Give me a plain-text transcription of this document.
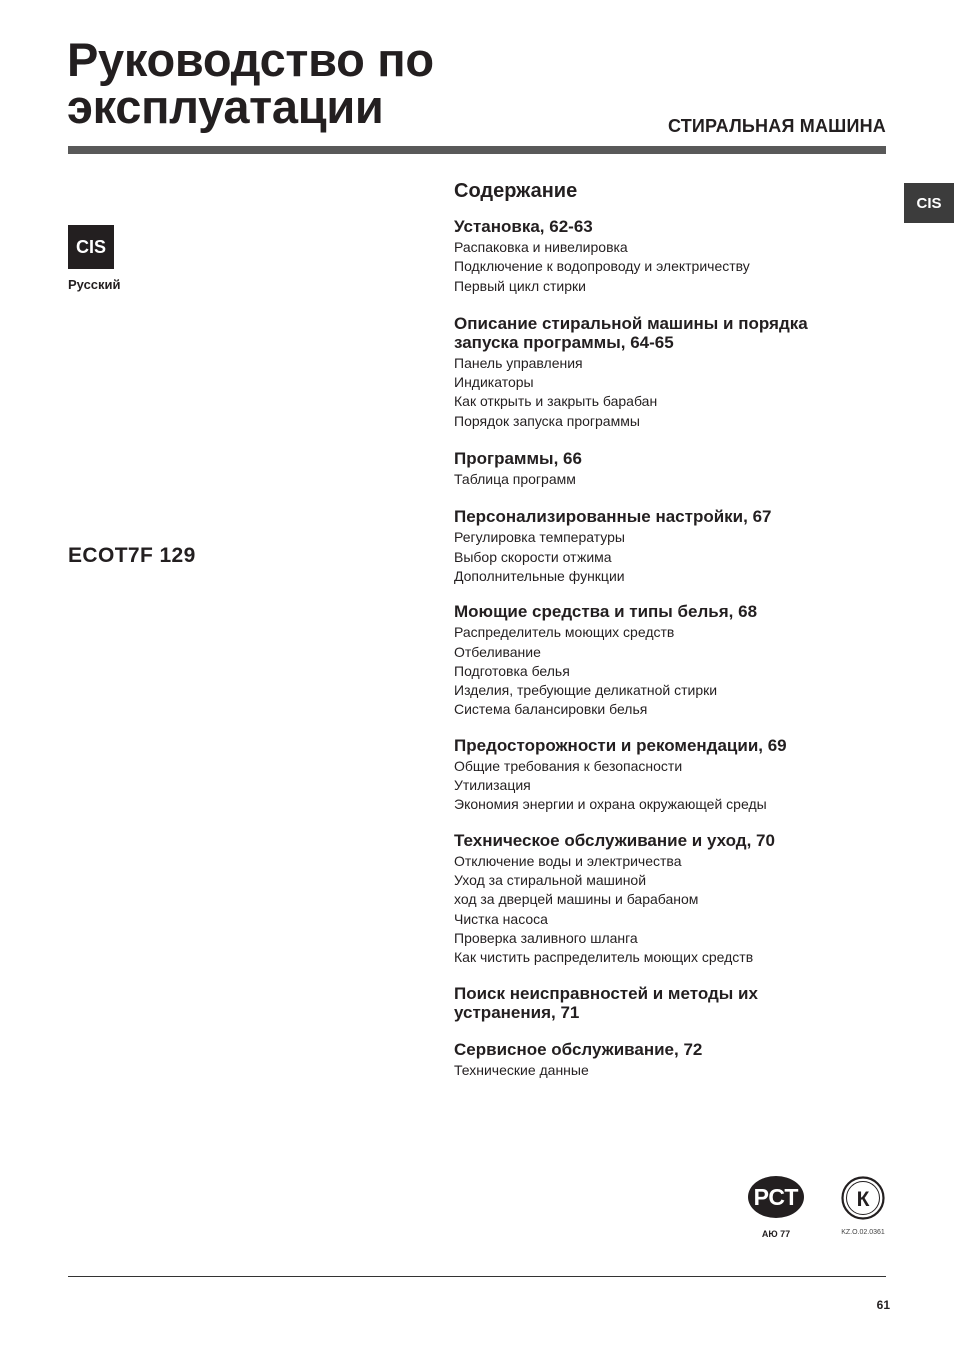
Руководство по
эксплуатации	СТИРАЛЬНАЯ МАШИНА
CIS
CIS
Русский
ECOT7F 129
Содержание
Установка, 62-63
Распаковка и нивелировка
Подключение к водопроводу и электричеству
Первый цикл стирки
Описание стиральной машины и порядка
запуска программы, 64-65
Панель управления
Индикаторы
Как открыть и закрыть барабан
Порядок запуска программы
Программы, 66
Таблица программ
Персонализированные настройки, 67
Регулировка температуры
Выбор скорости отжима
Дополнительные функции
Моющие средства и типы белья, 68
Распределитель моющих средств
Отбеливание
Подготовка белья
Изделия, требующие деликатной стирки
Система балансировки белья
Предосторожности и рекомендации, 69
Общие требования к безопасности
Утилизация
Экономия энергии и охрана окружающей среды
Техническое обслуживание и уход, 70
Отключение воды и электричества
Уход за стиральной машиной
ход за дверцей машины и барабаном
Чистка насоса
Проверка заливного шланга
Как чистить распределитель моющих средств
Поиск неисправностей и методы их
устранения, 71
Сервисное обслуживание, 72
Технические данные
РСТ
АЮ 77
К
KZ.О.02.0361
61
